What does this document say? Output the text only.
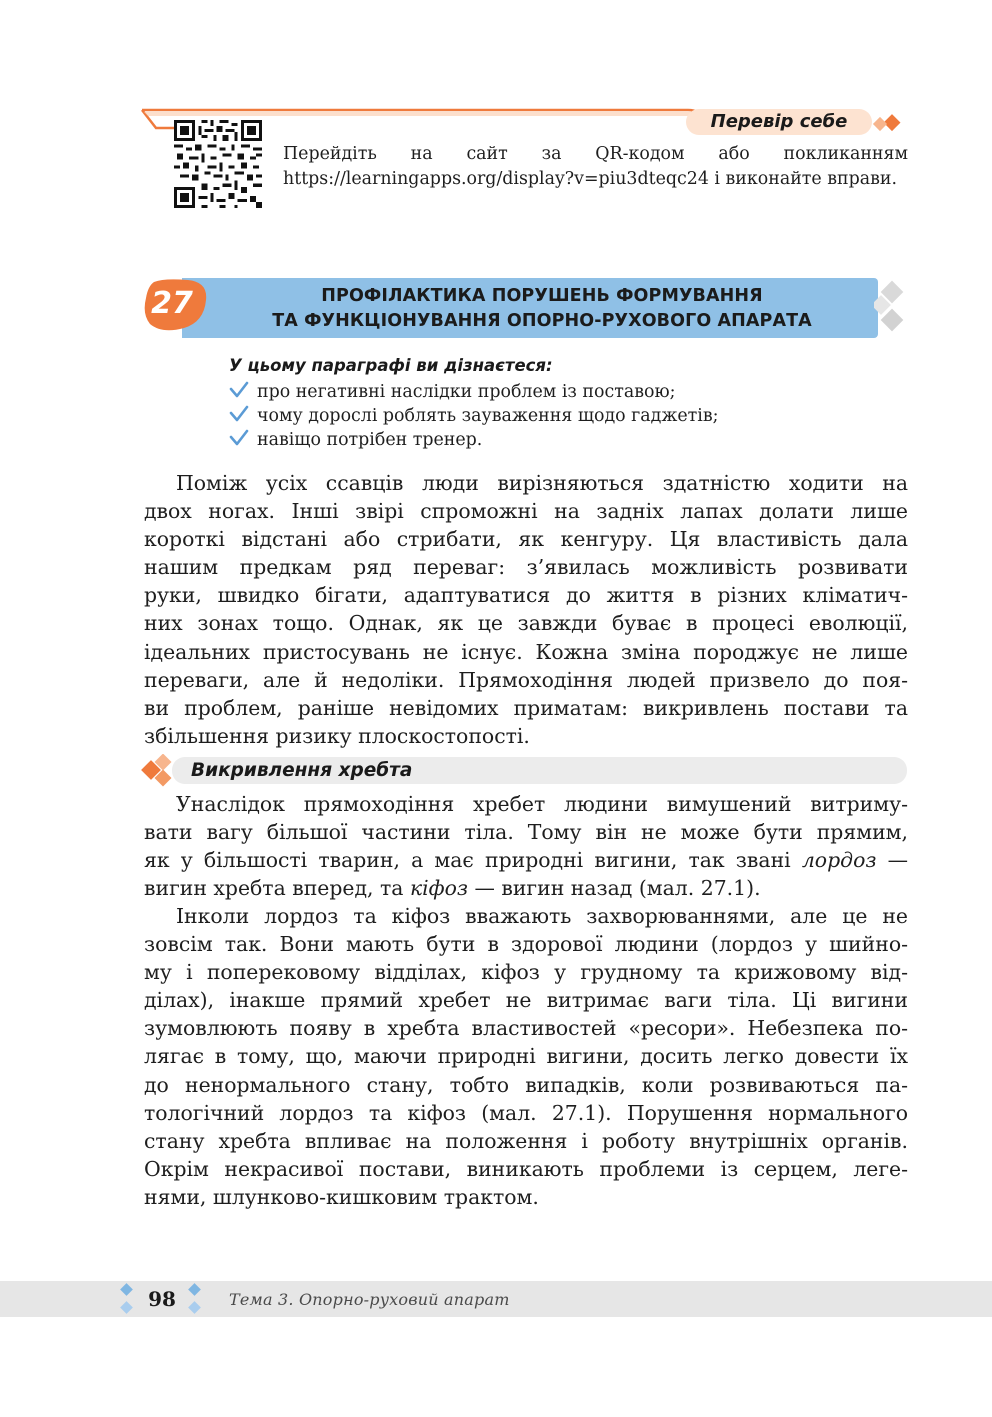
Перевір себе
Перейдіть на сайт за QR-кодом або покликанням https://learningapps.org/display?v=piu3dteqc24 і виконайте вправи.
27	ПРОФІЛАКТИКА ПОРУШЕНЬ ФОРМУВАННЯ
ТА ФУНКЦІОНУВАННЯ ОПОРНО-РУХОВОГО АПАРАТА
У цьому параграфі ви дізнаєтеся:
про негативні наслідки проблем із поставою;
чому дорослі роблять зауваження щодо гаджетів;
навіщо потрібен тренер.
Поміж усіх ссавців люди вирізняються здатністю ходити на
двох ногах. Інші звірі спроможні на задніх лапах долати лише
короткі відстані або стрибати, як кенгуру. Ця властивість дала
нашим предкам ряд переваг: з’явилась можливість розвивати
руки, швидко бігати, адаптуватися до життя в різних кліматич-
них зонах тощо. Однак, як це завжди буває в процесі еволюції,
ідеальних пристосувань не існує. Кожна зміна породжує не лише
переваги, але й недоліки. Прямоходіння людей призвело до поя-
ви проблем, раніше невідомих приматам: викривлень постави та
збільшення ризику плоскостопості.
Викривлення хребта
Унаслідок прямоходіння хребет людини вимушений витриму-
вати вагу більшої частини тіла. Тому він не може бути прямим,
як у більшості тварин, а має природні вигини, так звані лордоз —
вигин хребта вперед, та кіфоз — вигин назад (мал. 27.1).
Інколи лордоз та кіфоз вважають захворюваннями, але це не
зовсім так. Вони мають бути в здорової людини (лордоз у шийно-
му і поперековому відділах, кіфоз у грудному та крижовому від-
ділах), інакше прямий хребет не витримає ваги тіла. Ці вигини
зумовлюють появу в хребта властивостей «ресори». Небезпека по-
лягає в тому, що, маючи природні вигини, досить легко довести їх
до ненормального стану, тобто випадків, коли розвиваються па-
тологічний лордоз та кіфоз (мал. 27.1). Порушення нормального
стану хребта впливає на положення і роботу внутрішніх органів.
Окрім некрасивої постави, виникають проблеми із серцем, леге-
нями, шлунково-кишковим трактом.
98	Тема 3. Опорно-руховий апарат
